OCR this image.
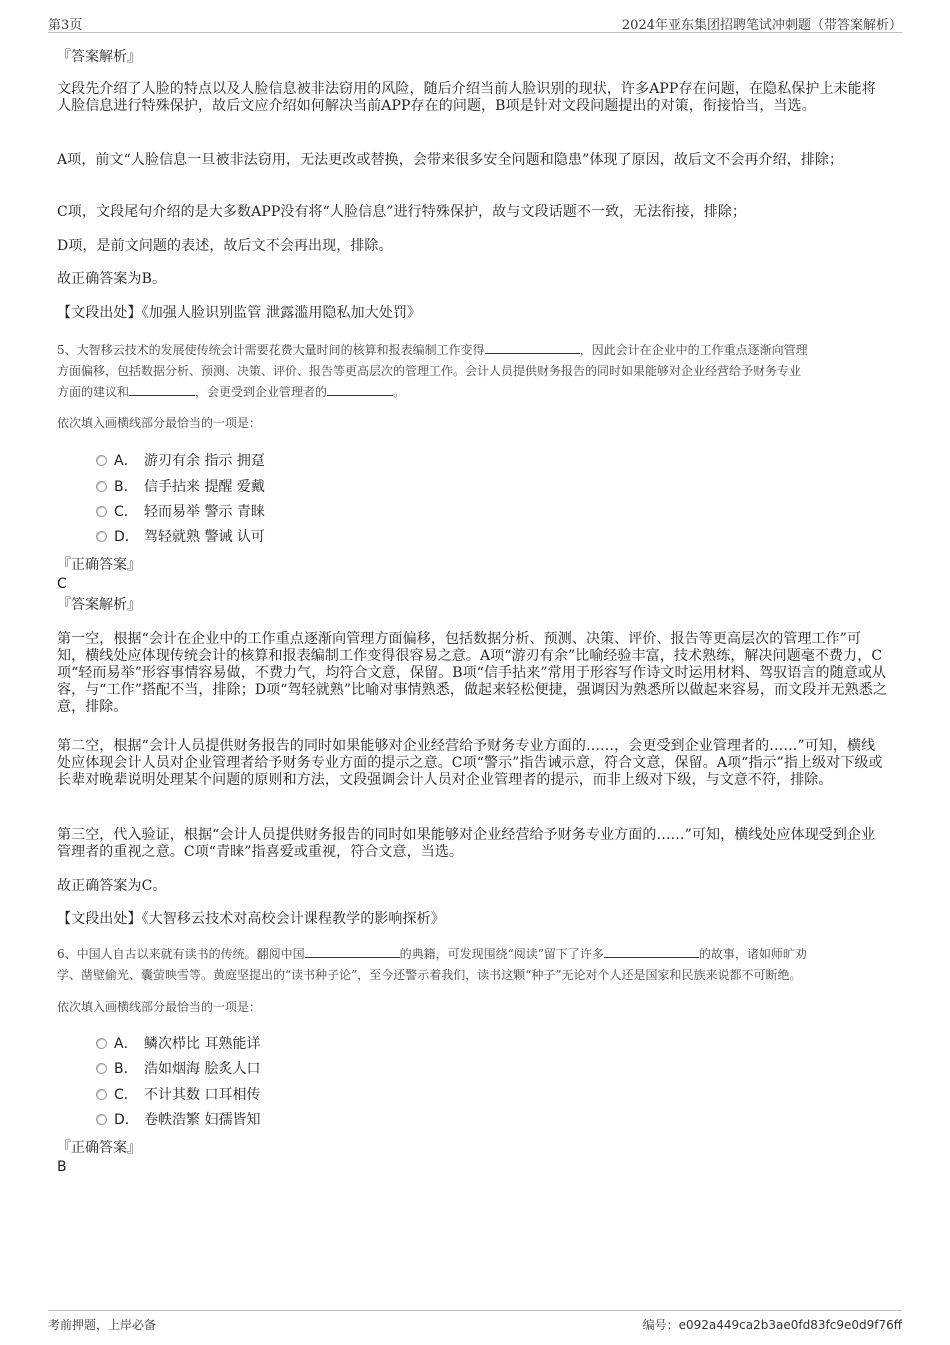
第3页	2024年亚东集团招聘笔试冲刺题（带答案解析）
『答案解析』
文段先介绍了人脸的特点以及人脸信息被非法窃用的风险，随后介绍当前人脸识别的现状，许多APP存在问题，在隐私保护上未能将人脸信息进行特殊保护，故后文应介绍如何解决当前APP存在的问题，B项是针对文段问题提出的对策，衔接恰当，当选。
A项，前文“人脸信息一旦被非法窃用，无法更改或替换，会带来很多安全问题和隐患”体现了原因，故后文不会再介绍，排除；
C项，文段尾句介绍的是大多数APP没有将“人脸信息”进行特殊保护，故与文段话题不一致，无法衔接，排除；
D项，是前文问题的表述，故后文不会再出现，排除。
故正确答案为B。
【文段出处】《加强人脸识别监管 泄露滥用隐私加大处罚》
5、大智移云技术的发展使传统会计需要花费大量时间的核算和报表编制工作变得	，因此会计在企业中的工作重点逐渐向管理
方面偏移，包括数据分析、预测、决策、评价、报告等更高层次的管理工作。会计人员提供财务报告的同时如果能够对企业经营给予财务专业
方面的建议和	，会更受到企业管理者的	。
依次填入画横线部分最恰当的一项是：
A． 游刃有余 指示 拥趸
B． 信手拈来 提醒 爱戴
C． 轻而易举 警示 青睐
D． 驾轻就熟 警诫 认可
『正确答案』
C
『答案解析』
第一空，根据“会计在企业中的工作重点逐渐向管理方面偏移，包括数据分析、预测、决策、评价、报告等更高层次的管理工作”可知，横线处应体现传统会计的核算和报表编制工作变得很容易之意。A项“游刃有余”比喻经验丰富，技术熟练，解决问题毫不费力，C项“轻而易举”形容事情容易做，不费力气，均符合文意，保留。B项“信手拈来”常用于形容写作诗文时运用材料、驾驭语言的随意或从容，与“工作”搭配不当，排除；D项“驾轻就熟”比喻对事情熟悉，做起来轻松便捷，强调因为熟悉所以做起来容易，而文段并无熟悉之意，排除。
第二空，根据“会计人员提供财务报告的同时如果能够对企业经营给予财务专业方面的……，会更受到企业管理者的……”可知，横线处应体现会计人员对企业管理者给予财务专业方面的提示之意。C项“警示”指告诫示意，符合文意，保留。A项“指示”指上级对下级或长辈对晚辈说明处理某个问题的原则和方法，文段强调会计人员对企业管理者的提示，而非上级对下级，与文意不符，排除。
第三空，代入验证，根据“会计人员提供财务报告的同时如果能够对企业经营给予财务专业方面的……”可知，横线处应体现受到企业管理者的重视之意。C项“青睐”指喜爱或重视，符合文意，当选。
故正确答案为C。
【文段出处】《大智移云技术对高校会计课程教学的影响探析》
6、中国人自古以来就有读书的传统。翻阅中国	的典籍，可发现围绕“阅读”留下了许多	的故事，诸如师旷劝
学、凿壁偷光、囊萤映雪等。黄庭坚提出的“读书种子论”，至今还警示着我们，读书这颗“种子”无论对个人还是国家和民族来说都不可断绝。
依次填入画横线部分最恰当的一项是：
A． 鳞次栉比 耳熟能详
B． 浩如烟海 脍炙人口
C． 不计其数 口耳相传
D． 卷帙浩繁 妇孺皆知
『正确答案』
B
考前押题，上岸必备	编号：e092a449ca2b3ae0fd83fc9e0d9f76ff
